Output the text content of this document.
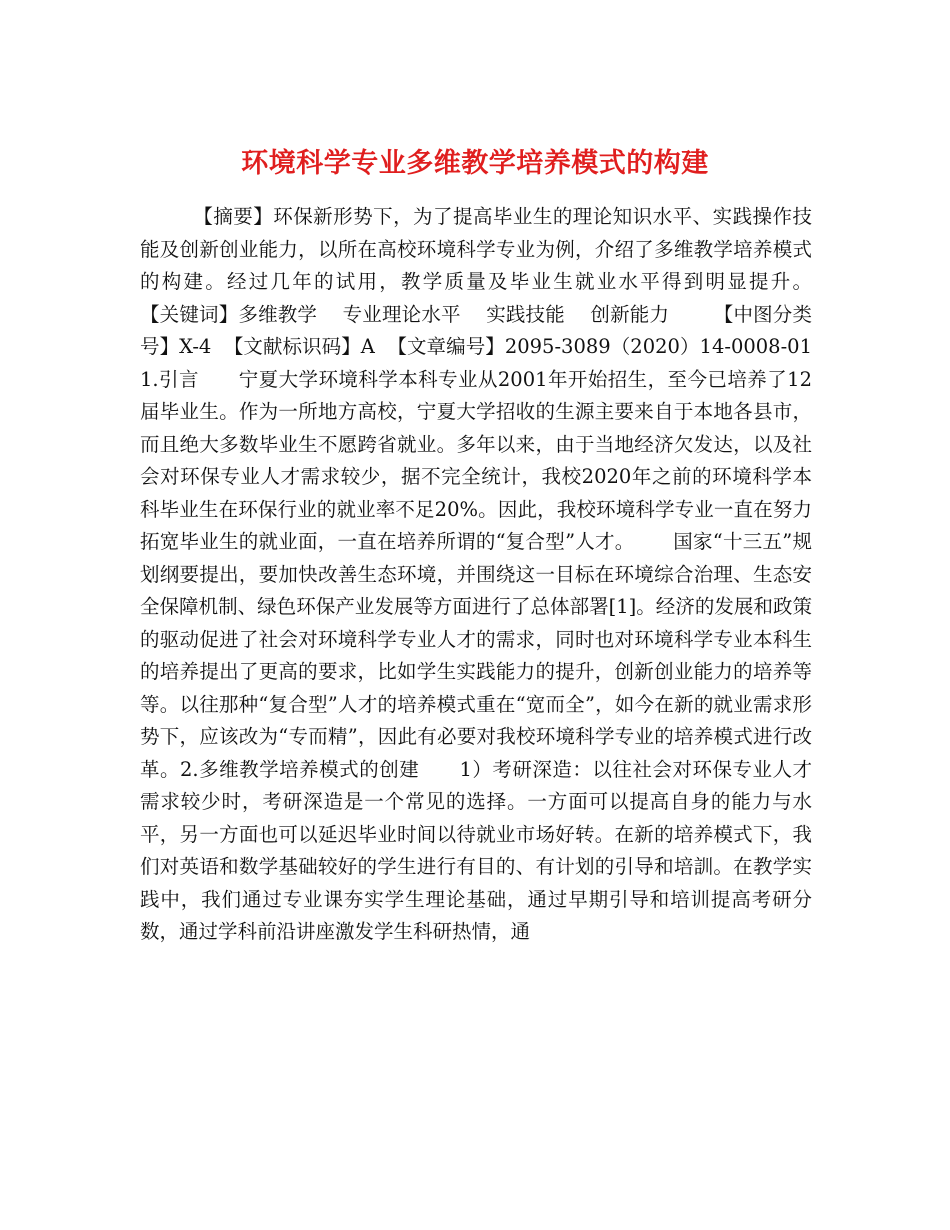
环境科学专业多维教学培养模式的构建
【摘要】环保新形势下，为了提高毕业生的理论知识水平、实践操作技能及创新创业能力，以所在高校环境科学专业为例，介绍了多维教学培养模式的构建。经过几年的试用，教学质量及毕业生就业水平得到明显提升。       【关键词】多维教学    专业理论水平    实践技能    创新能力       【中图分类号】X-4  【文献标识码】A  【文章编号】2095-3089（2020）14-0008-01      1.引言      宁夏大学环境科学本科专业从2001年开始招生，至今已培养了12届毕业生。作为一所地方高校，宁夏大学招收的生源主要来自于本地各县市，而且绝大多数毕业生不愿跨省就业。多年以来，由于当地经济欠发达，以及社会对环保专业人才需求较少，据不完全统计，我校2020年之前的环境科学本科毕业生在环保行业的就业率不足20%。因此，我校环境科学专业一直在努力拓宽毕业生的就业面，一直在培养所谓的“复合型”人才。      国家“十三五”规划纲要提出，要加快改善生态环境，并围绕这一目标在环境综合治理、生态安全保障机制、绿色环保产业发展等方面进行了总体部署[1]。经济的发展和政策的驱动促进了社会对环境科学专业人才的需求，同时也对环境科学专业本科生的培养提出了更高的要求，比如学生实践能力的提升，创新创业能力的培养等等。以往那种“复合型”人才的培养模式重在“宽而全”，如今在新的就业需求形势下，应该改为“专而精”，因此有必要对我校环境科学专业的培养模式进行改革。2.多维教学培养模式的创建      1）考研深造：以往社会对环保专业人才需求较少时，考研深造是一个常见的选择。一方面可以提高自身的能力与水平，另一方面也可以延迟毕业时间以待就业市场好转。在新的培养模式下，我们对英语和数学基础较好的学生进行有目的、有计划的引导和培訓。在教学实践中，我们通过专业课夯实学生理论基础，通过早期引导和培训提高考研分数，通过学科前沿讲座激发学生科研热情，通
